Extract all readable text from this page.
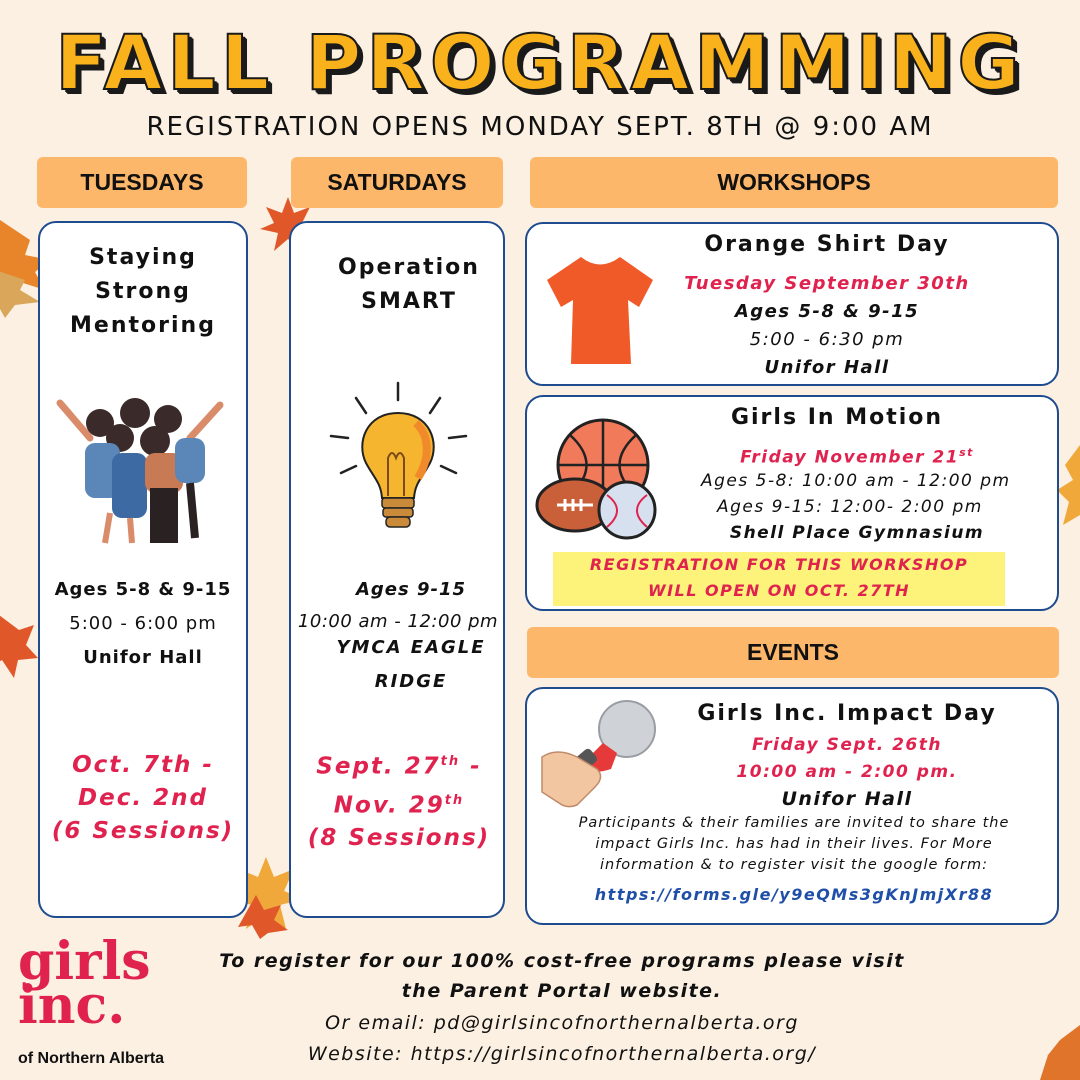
FALL PROGRAMMING
REGISTRATION OPENS MONDAY SEPT. 8TH @ 9:00 AM
TUESDAYS	SATURDAYS	WORKSHOPS
EVENTS
Staying
Strong
Mentoring
Ages 5-8 & 9-15
5:00 - 6:00 pm
Unifor Hall
Oct. 7th -
Dec. 2nd
(6 Sessions)
Operation
SMART
Ages 9-15
10:00 am - 12:00 pm
YMCA EAGLE
RIDGE
Sept. 27th -
Nov. 29th
(8 Sessions)
Orange Shirt Day
Tuesday September 30th
Ages 5-8 & 9-15
5:00 - 6:30 pm
Unifor Hall
Girls In Motion
Friday November 21st
Ages 5-8: 10:00 am - 12:00 pm
Ages 9-15: 12:00- 2:00 pm
Shell Place Gymnasium
REGISTRATION FOR THIS WORKSHOP
WILL OPEN ON OCT. 27TH
Girls Inc. Impact Day
Friday Sept. 26th
10:00 am - 2:00 pm.
Unifor Hall
Participants & their families are invited to share the
impact Girls Inc. has had in their lives. For More
information & to register visit the google form:
https://forms.gle/y9eQMs3gKnJmjXr88
girls
inc.
of Northern Alberta
To register for our 100% cost-free programs please visit
the Parent Portal website.
Or email: pd@girlsincofnorthernalberta.org
Website: https://girlsincofnorthernalberta.org/
